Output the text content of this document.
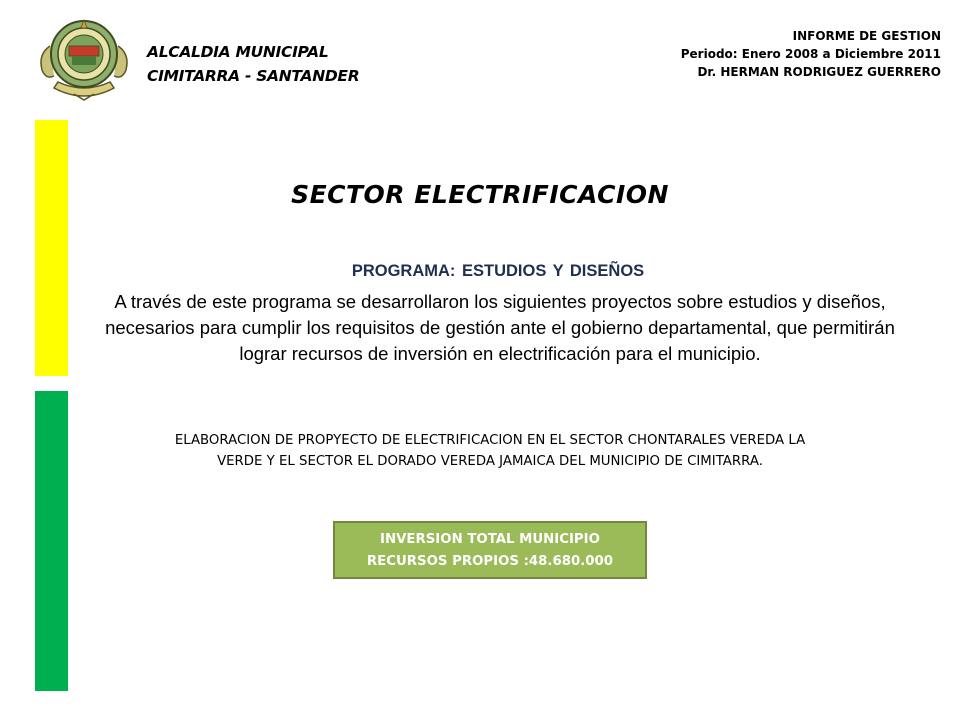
ALCALDIA MUNICIPAL
CIMITARRA - SANTANDER
INFORME DE GESTION
Periodo: Enero 2008 a Diciembre 2011
Dr. HERMAN RODRIGUEZ GUERRERO
SECTOR ELECTRIFICACION
PROGRAMA: ESTUDIOS Y DISEÑOS
A través de este programa se desarrollaron los siguientes proyectos sobre estudios y diseños, necesarios para cumplir los requisitos de gestión ante el gobierno departamental, que permitirán lograr recursos de inversión en electrificación para el municipio.
ELABORACION DE PROPYECTO DE ELECTRIFICACION EN EL SECTOR CHONTARALES VEREDA LA VERDE Y EL SECTOR EL DORADO VEREDA JAMAICA DEL MUNICIPIO DE CIMITARRA.
INVERSION TOTAL MUNICIPIO
RECURSOS PROPIOS :48.680.000
